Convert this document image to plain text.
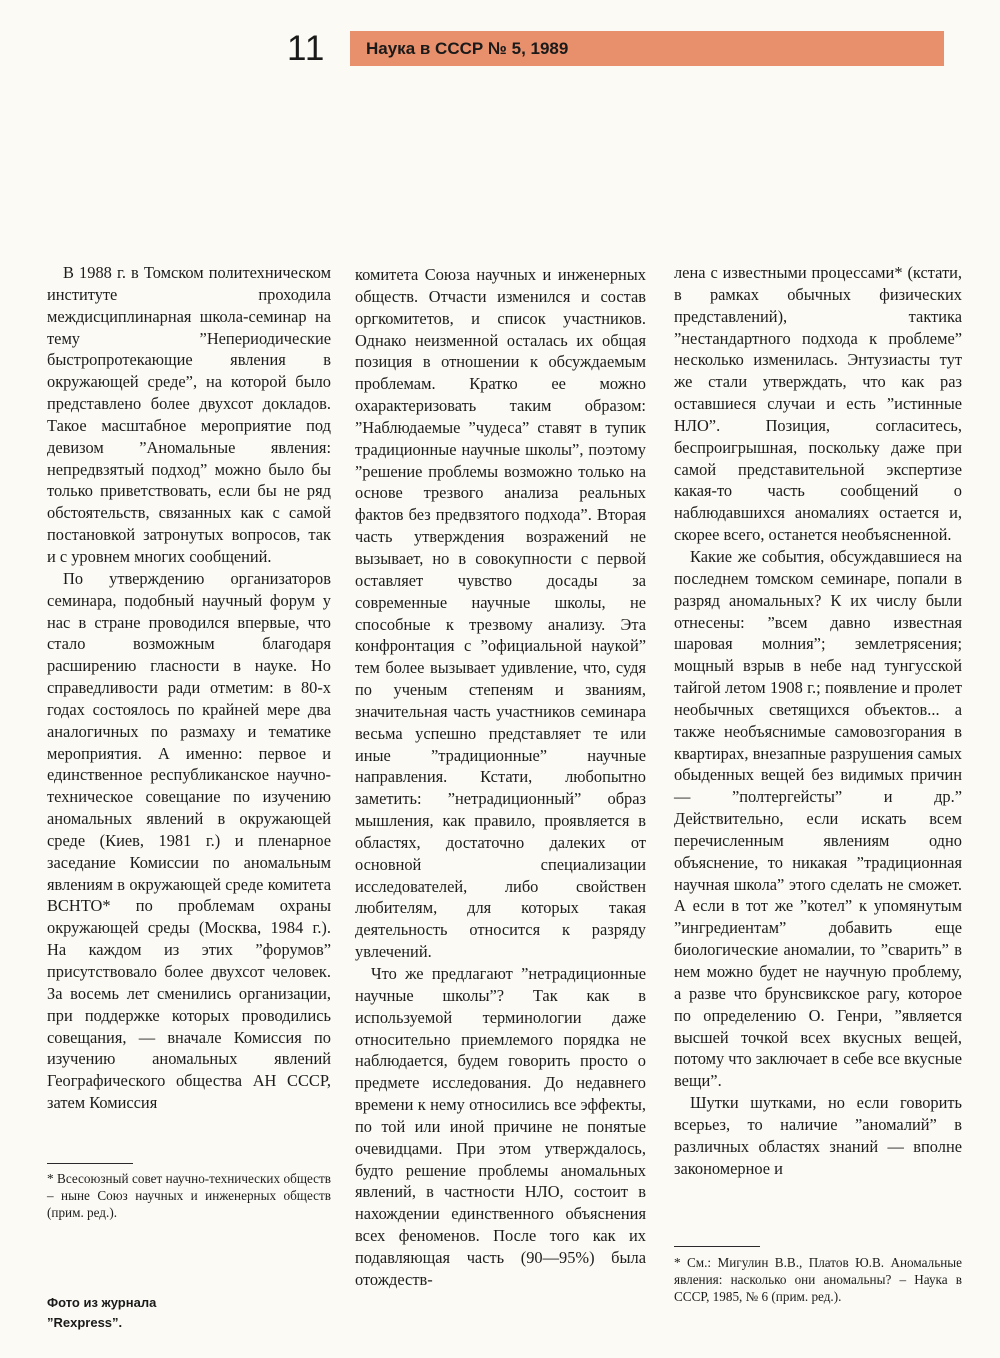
11 Наука в СССР № 5, 1989

В 1988 г. в Томском политехническом институте проходила междисциплинарная школа-семинар на тему ”Непериодические быстропротекающие явления в окружающей среде”, на которой было представлено более двухсот докладов. Такое масштабное мероприятие под девизом ”Аномальные явления: непредвзятый подход” можно было бы только приветствовать, если бы не ряд обстоятельств, связанных как с самой постановкой затронутых вопросов, так и с уровнем многих сообщений.

По утверждению организаторов семинара, подобный научный форум у нас в стране проводился впервые, что стало возможным благодаря расширению гласности в науке. Но справедливости ради отметим: в 80-х годах состоялось по крайней мере два аналогичных по размаху и тематике мероприятия. А именно: первое и единственное республиканское научно-техническое совещание по изучению аномальных явлений в окружающей среде (Киев, 1981 г.) и пленарное заседание Комиссии по аномальным явлениям в окружающей среде комитета ВСНТО* по проблемам охраны окружающей среды (Москва, 1984 г.). На каждом из этих ”форумов” присутствовало более двухсот человек. За восемь лет сменились организации, при поддержке которых проводились совещания, — вначале Комиссия по изучению аномальных явлений Географического общества АН СССР, затем Комиссия

комитета Союза научных и инженерных обществ. Отчасти изменился и состав оргкомитетов, и список участников. Однако неизменной осталась их общая позиция в отношении к обсуждаемым проблемам. Кратко ее можно охарактеризовать таким образом: ”Наблюдаемые ”чудеса” ставят в тупик традиционные научные школы”, поэтому ”решение проблемы возможно только на основе трезвого анализа реальных фактов без предвзятого подхода”. Вторая часть утверждения возражений не вызывает, но в совокупности с первой оставляет чувство досады за современные научные школы, не способные к трезвому анализу. Эта конфронтация с ”официальной наукой” тем более вызывает удивление, что, судя по ученым степеням и званиям, значительная часть участников семинара весьма успешно представляет те или иные ”традиционные” научные направления. Кстати, любопытно заметить: ”нетрадиционный” образ мышления, как правило, проявляется в областях, достаточно далеких от основной специализации исследователей, либо свойствен любителям, для которых такая деятельность относится к разряду увлечений.

Что же предлагают ”нетрадиционные научные школы”? Так как в используемой терминологии даже относительно приемлемого порядка не наблюдается, будем говорить просто о предмете исследования. До недавнего времени к нему относились все эффекты, по той или иной причине не понятые очевидцами. При этом утверждалось, будто решение проблемы аномальных явлений, в частности НЛО, состоит в нахождении единственного объяснения всех феноменов. После того как их подавляющая часть (90—95%) была отождеств-

лена с известными процессами* (кстати, в рамках обычных физических представлений), тактика ”нестандартного подхода к проблеме” несколько изменилась. Энтузиасты тут же стали утверждать, что как раз оставшиеся случаи и есть ”истинные НЛО”. Позиция, согласитесь, беспроигрышная, поскольку даже при самой представительной экспертизе какая-то часть сообщений о наблюдавшихся аномалиях остается и, скорее всего, останется необъясненной.

Какие же события, обсуждавшиеся на последнем томском семинаре, попали в разряд аномальных? К их числу были отнесены: ”всем давно известная шаровая молния”; землетрясения; мощный взрыв в небе над тунгусской тайгой летом 1908 г.; появление и пролет необычных светящихся объектов... а также необъяснимые самовозгорания в квартирах, внезапные разрушения самых обыденных вещей без видимых причин — ”полтергейсты” и др.” Действительно, если искать всем перечисленным явлениям одно объяснение, то никакая ”традиционная научная школа” этого сделать не сможет. А если в тот же ”котел” к упомянутым ”ингредиентам” добавить еще биологические аномалии, то ”сварить” в нем можно будет не научную проблему, а разве что брунсвикское рагу, которое по определению О. Генри, ”является высшей точкой всех вкусных вещей, потому что заключает в себе все вкусные вещи”.

Шутки шутками, но если говорить всерьез, то наличие ”аномалий” в различных областях знаний — вполне закономерное и

* Всесоюзный совет научно-технических обществ – ныне Союз научных и инженерных обществ (прим. ред.).
* См.: Мигулин В.В., Платов Ю.В. Аномальные явления: насколько они аномальны? – Наука в СССР, 1985, № 6 (прим. ред.).
Фото из журнала
”Rexpress”.
